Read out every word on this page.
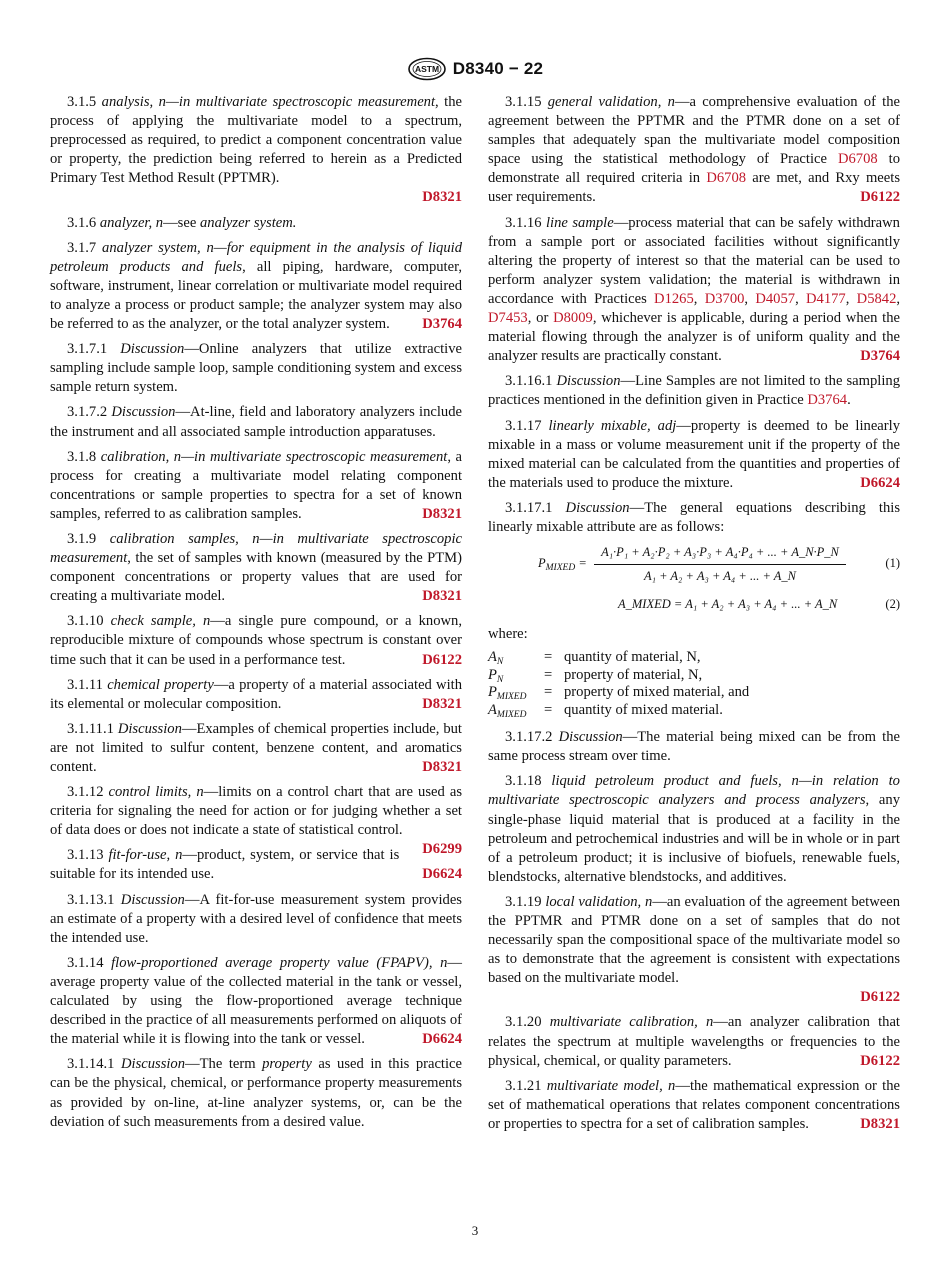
ASTM D8340 − 22

3.1.5 analysis, n—in multivariate spectroscopic measurement, the process of applying the multivariate model to a spectrum, preprocessed as required, to predict a component concentration value or property, the prediction being referred to herein as a Predicted Primary Test Method Result (PPTMR).

D8321

3.1.6 analyzer, n—see analyzer system.

3.1.7 analyzer system, n—for equipment in the analysis of liquid petroleum products and fuels, all piping, hardware, computer, software, instrument, linear correlation or multivariate model required to analyze a process or product sample; the analyzer system may also be referred to as the analyzer, or the total analyzer system.	D3764

3.1.7.1 Discussion—Online analyzers that utilize extractive sampling include sample loop, sample conditioning system and excess sample return system.

3.1.7.2 Discussion—At-line, field and laboratory analyzers include the instrument and all associated sample introduction apparatuses.

3.1.8 calibration, n—in multivariate spectroscopic measurement, a process for creating a multivariate model relating component concentrations or sample properties to spectra for a set of known samples, referred to as calibration samples.	D8321

3.1.9 calibration samples, n—in multivariate spectroscopic measurement, the set of samples with known (measured by the PTM) component concentrations or property values that are used for creating a multivariate model.	D8321

3.1.10 check sample, n—a single pure compound, or a known, reproducible mixture of compounds whose spectrum is constant over time such that it can be used in a performance test.	D6122

3.1.11 chemical property—a property of a material associated with its elemental or molecular composition.	D8321

3.1.11.1 Discussion—Examples of chemical properties include, but are not limited to sulfur content, benzene content, and aromatics content.	D8321

3.1.12 control limits, n—limits on a control chart that are used as criteria for signaling the need for action or for judging whether a set of data does or does not indicate a state of statistical control.
D6299

3.1.13 fit-for-use, n—product, system, or service that is suitable for its intended use.	D6624

3.1.13.1 Discussion—A fit-for-use measurement system provides an estimate of a property with a desired level of confidence that meets the intended use.

3.1.14 flow-proportioned average property value (FPAPV), n—average property value of the collected material in the tank or vessel, calculated by using the flow-proportioned average technique described in the practice of all measurements performed on aliquots of the material while it is flowing into the tank or vessel.	D6624

3.1.14.1 Discussion—The term property as used in this practice can be the physical, chemical, or performance property measurements as provided by on-line, at-line analyzer systems, or, can be the deviation of such measurements from a desired value.

3.1.15 general validation, n—a comprehensive evaluation of the agreement between the PPTMR and the PTMR done on a set of samples that adequately span the multivariate model composition space using the statistical methodology of Practice D6708 to demonstrate all required criteria in D6708 are met, and Rxy meets user requirements.	D6122

3.1.16 line sample—process material that can be safely withdrawn from a sample port or associated facilities without significantly altering the property of interest so that the material can be used to perform analyzer system validation; the material is withdrawn in accordance with Practices D1265, D3700, D4057, D4177, D5842, D7453, or D8009, whichever is applicable, during a period when the material flowing through the analyzer is of uniform quality and the analyzer results are practically constant.	D3764

3.1.16.1 Discussion—Line Samples are not limited to the sampling practices mentioned in the definition given in Practice D3764.

3.1.17 linearly mixable, adj—property is deemed to be linearly mixable in a mass or volume measurement unit if the property of the mixed material can be calculated from the quantities and properties of the materials used to produce the mixture.	D6624

3.1.17.1 Discussion—The general equations describing this linearly mixable attribute are as follows:

$P_{MIXED} = \frac{\text{A₁·P₁ + A₂·P₂ + A₃·P₃ + A₄·P₄ + ... + A\_N·P\_N}}{\text{A₁ + A₂ + A₃ + A₄ + ... + A\_N}}$	(1)
A_MIXED = A₁ + A₂ + A₃ + A₄ + ... + A_N	(2)
where:
$A_N$	= quantity of material, N,
$P_N$	= property of material, N,
$P_{MIXED}$	= property of mixed material, and
$A_{MIXED}$	= quantity of mixed material.

3.1.17.2 Discussion—The material being mixed can be from the same process stream over time.

3.1.18 liquid petroleum product and fuels, n—in relation to multivariate spectroscopic analyzers and process analyzers, any single-phase liquid material that is produced at a facility in the petroleum and petrochemical industries and will be in whole or in part of a petroleum product; it is inclusive of biofuels, renewable fuels, blendstocks, alternative blendstocks, and additives.

3.1.19 local validation, n—an evaluation of the agreement between the PPTMR and PTMR done on a set of samples that do not necessarily span the compositional space of the multivariate model so as to demonstrate that the agreement is consistent with expectations based on the multivariate model.

D6122

3.1.20 multivariate calibration, n—an analyzer calibration that relates the spectrum at multiple wavelengths or frequencies to the physical, chemical, or quality parameters.	D6122

3.1.21 multivariate model, n—the mathematical expression or the set of mathematical operations that relates component concentrations or properties to spectra for a set of calibration samples.	D8321

3
